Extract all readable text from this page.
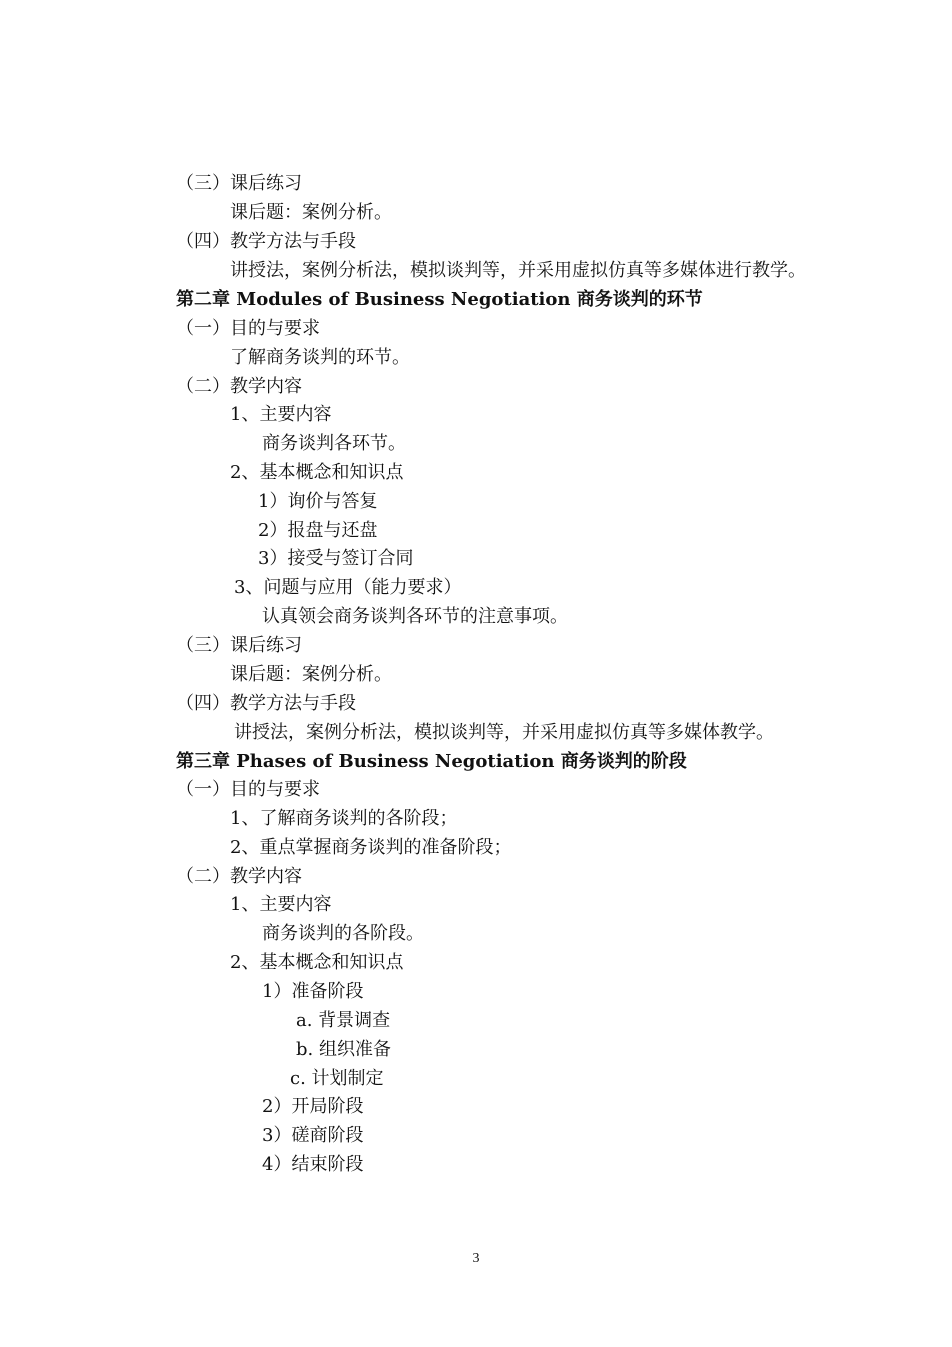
（三）课后练习
课后题：案例分析。
（四）教学方法与手段
讲授法，案例分析法，模拟谈判等，并采用虚拟仿真等多媒体进行教学。
第二章 Modules of Business Negotiation 商务谈判的环节
（一）目的与要求
了解商务谈判的环节。
（二）教学内容
1、主要内容
商务谈判各环节。
2、基本概念和知识点
1）询价与答复
2）报盘与还盘
3）接受与签订合同
3、问题与应用（能力要求）
认真领会商务谈判各环节的注意事项。
（三）课后练习
课后题：案例分析。
（四）教学方法与手段
讲授法，案例分析法，模拟谈判等，并采用虚拟仿真等多媒体教学。
第三章 Phases of Business Negotiation 商务谈判的阶段
（一）目的与要求
1、了解商务谈判的各阶段；
2、重点掌握商务谈判的准备阶段；
（二）教学内容
1、主要内容
商务谈判的各阶段。
2、基本概念和知识点
1）准备阶段
a. 背景调查
b. 组织准备
c. 计划制定
2）开局阶段
3）磋商阶段
4）结束阶段
3
